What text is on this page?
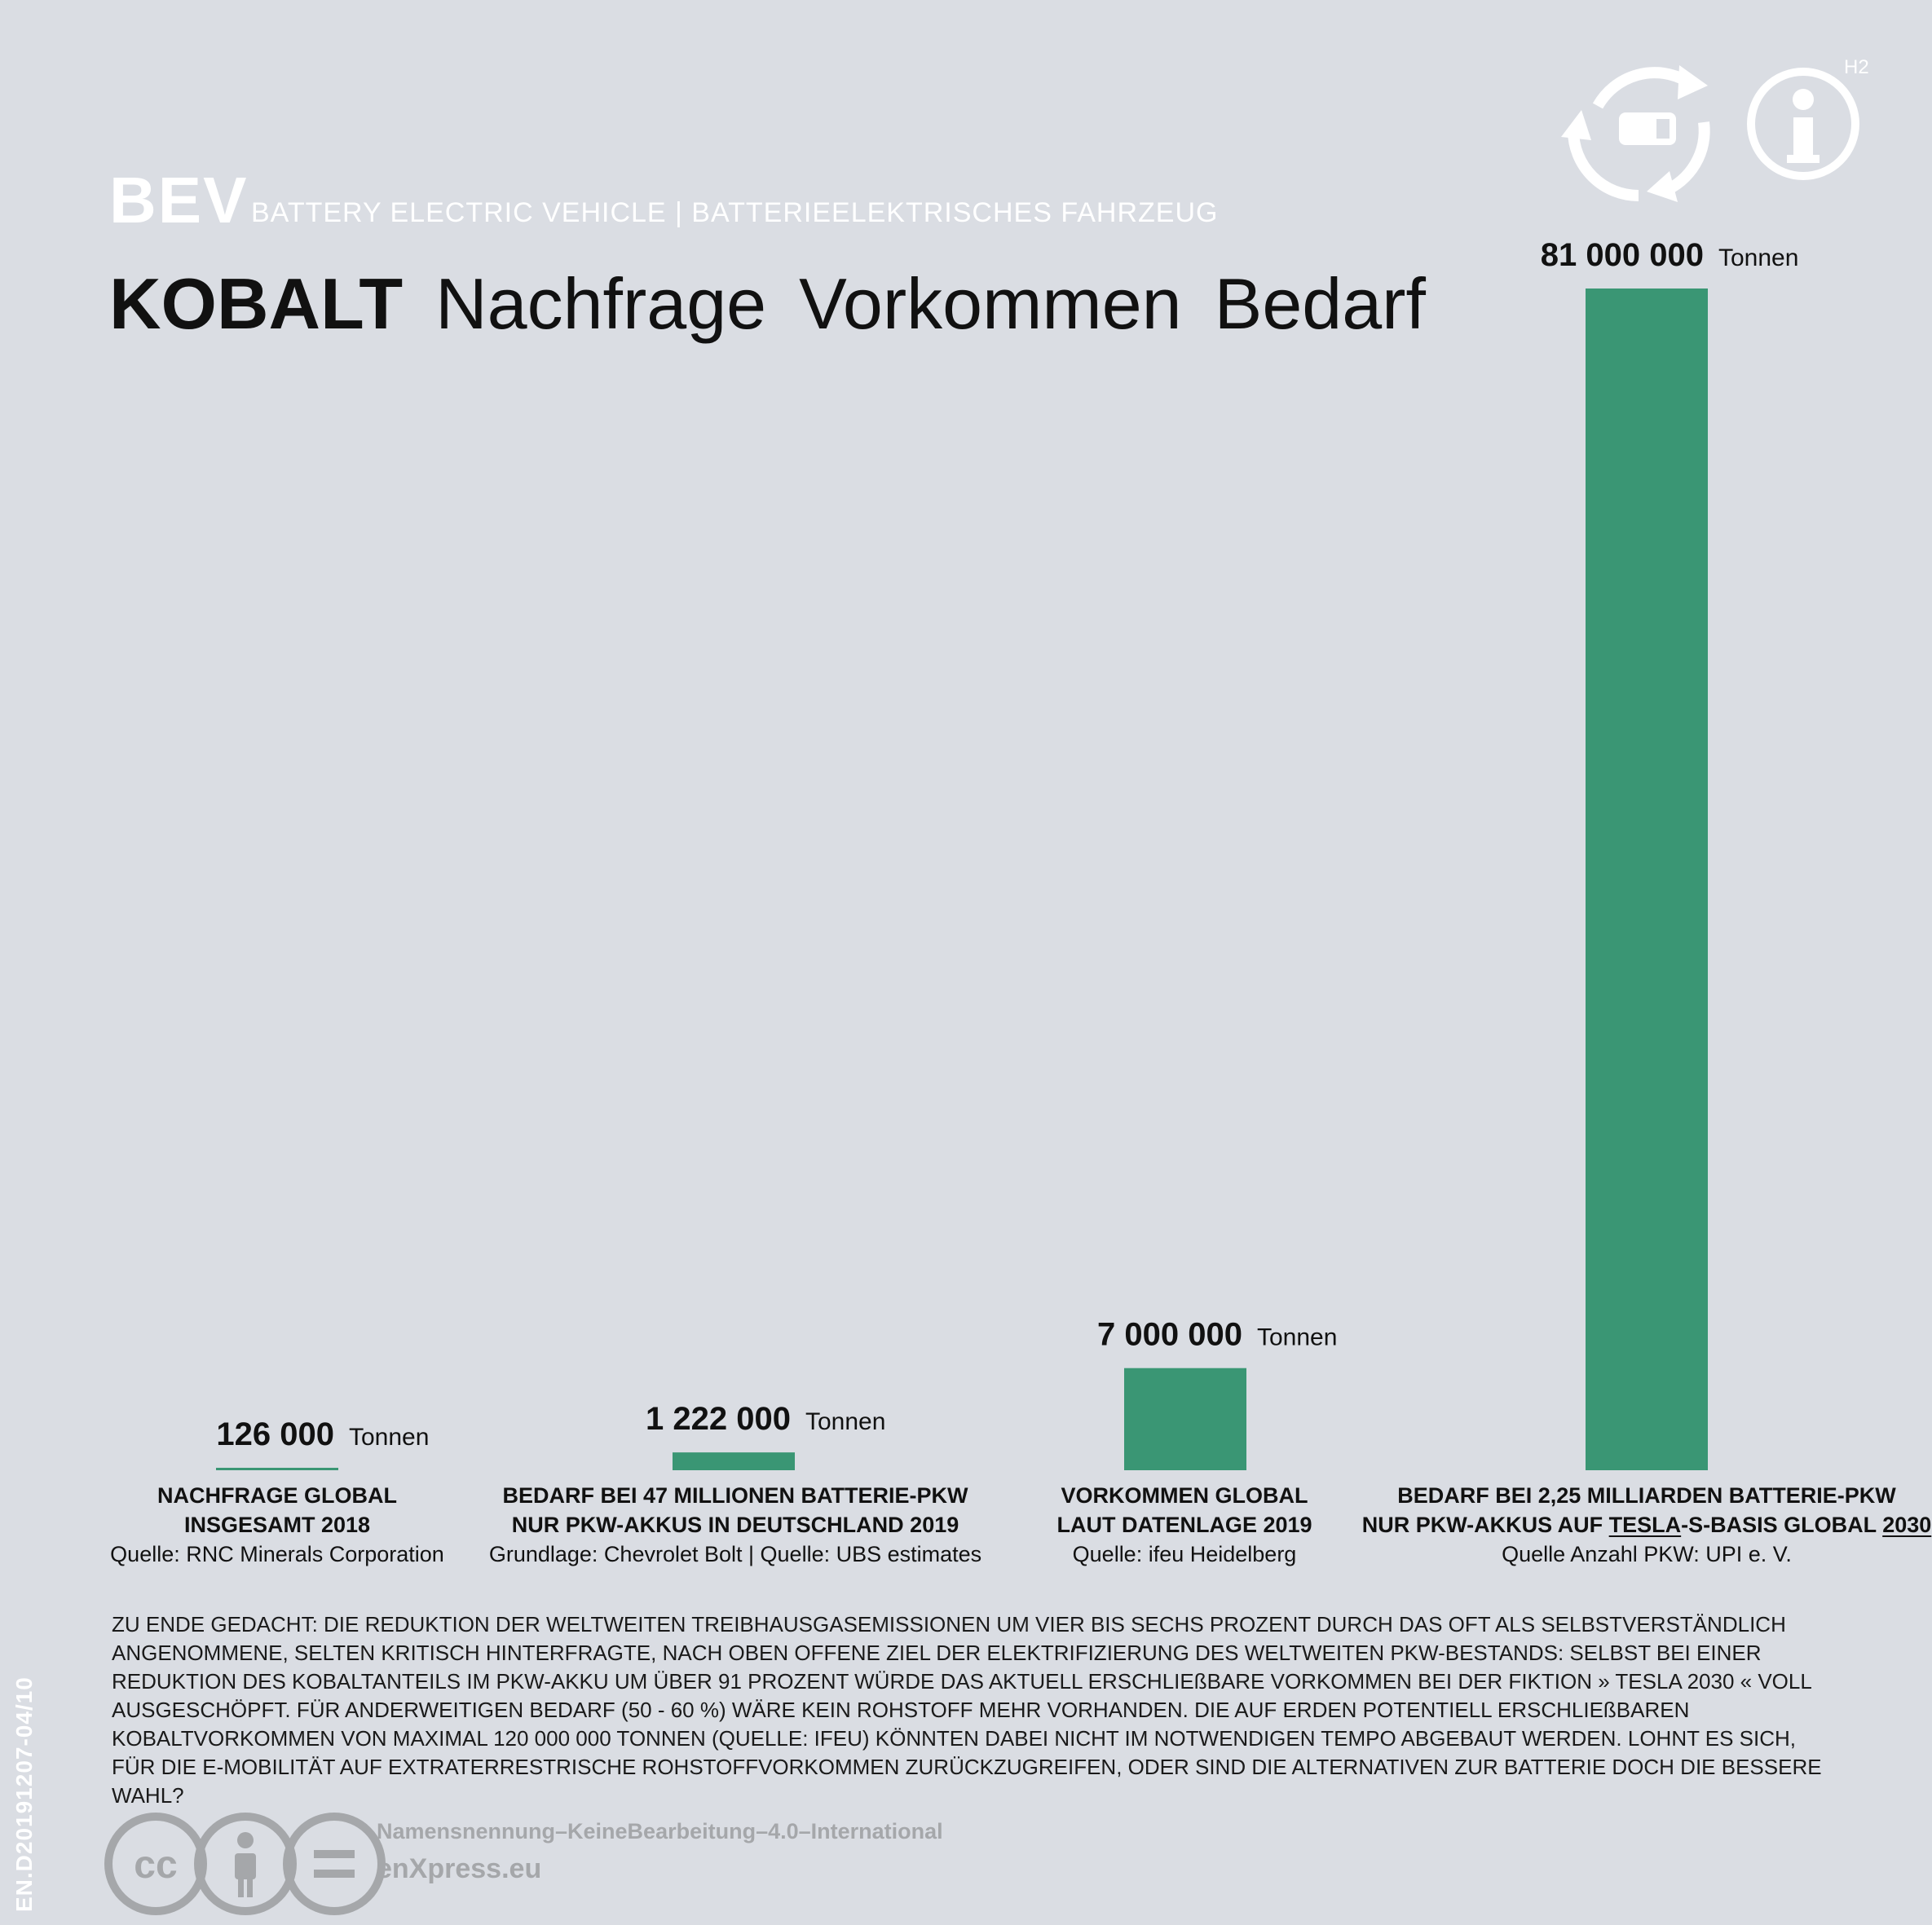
BEV BATTERY ELECTRIC VEHICLE | BATTERIEELEKTRISCHES FAHRZEUG
KOBALT Nachfrage Vorkommen Bedarf
H2
126 000 Tonnen
1 222 000 Tonnen
7 000 000 Tonnen
81 000 000 Tonnen
NACHFRAGE GLOBAL
INSGESAMT 2018
Quelle: RNC Minerals Corporation
BEDARF BEI 47 MILLIONEN BATTERIE-PKW
NUR PKW-AKKUS IN DEUTSCHLAND 2019
Grundlage: Chevrolet Bolt | Quelle: UBS estimates
VORKOMMEN GLOBAL
LAUT DATENLAGE 2019
Quelle: ifeu Heidelberg
BEDARF BEI 2,25 MILLIARDEN BATTERIE-PKW
NUR PKW-AKKUS AUF TESLA-S-BASIS GLOBAL 2030
Quelle Anzahl PKW: UPI e. V.
ZU ENDE GEDACHT: DIE REDUKTION DER WELTWEITEN TREIBHAUSGASEMISSIONEN UM VIER BIS SECHS PROZENT DURCH DAS OFT ALS SELBSTVERSTÄNDLICH ANGENOMMENE, SELTEN KRITISCH HINTERFRAGTE, NACH OBEN OFFENE ZIEL DER ELEKTRIFIZIERUNG DES WELTWEITEN PKW-BESTANDS: SELBST BEI EINER REDUKTION DES KOBALTANTEILS IM PKW-AKKU UM ÜBER 91 PROZENT WÜRDE DAS AKTUELL ERSCHLIEßBARE VORKOMMEN BEI DER FIKTION » TESLA 2030 « VOLL AUSGESCHÖPFT. FÜR ANDERWEITIGEN BEDARF (50 - 60 %) WÄRE KEIN ROHSTOFF MEHR VORHANDEN. DIE AUF ERDEN POTENTIELL ERSCHLIEßBAREN KOBALTVORKOMMEN VON MAXIMAL 120 000 000 TONNEN (QUELLE: IFEU) KÖNNTEN DABEI NICHT IM NOTWENDIGEN TEMPO ABGEBAUT WERDEN. LOHNT ES SICH, FÜR DIE E-MOBILITÄT AUF EXTRATERRESTRISCHE ROHSTOFFVORKOMMEN ZURÜCKZUGREIFEN, ODER SIND DIE ALTERNATIVEN ZUR BATTERIE DOCH DIE BESSERE WAHL?
cc
Namensnennung–KeineBearbeitung–4.0–International
enXpress.eu
EN.D20191207-04/10
